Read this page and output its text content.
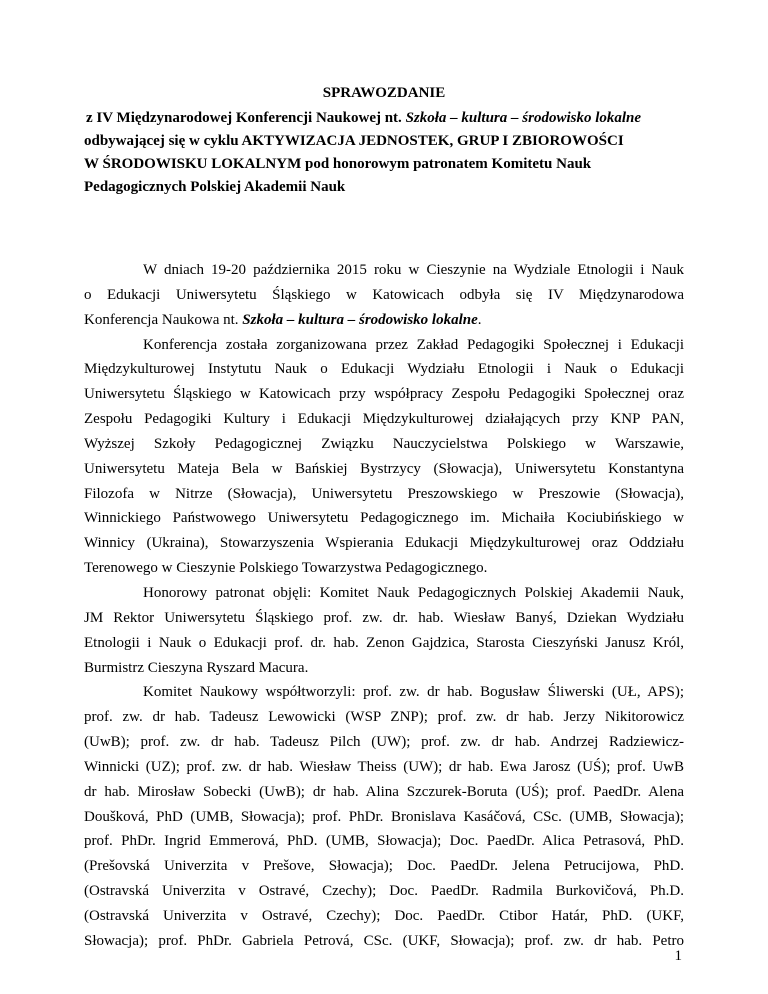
SPRAWOZDANIE
z IV Międzynarodowej Konferencji Naukowej nt. Szkoła – kultura – środowisko lokalne
odbywającej się w cyklu AKTYWIZACJA JEDNOSTEK, GRUP I ZBIOROWOŚCI
W ŚRODOWISKU LOKALNYM pod honorowym patronatem Komitetu Nauk
Pedagogicznych Polskiej Akademii Nauk
W dniach 19-20 października 2015 roku w Cieszynie na Wydziale Etnologii i Nauk
o Edukacji Uniwersytetu Śląskiego w Katowicach odbyła się IV Międzynarodowa
Konferencja Naukowa nt. Szkoła – kultura – środowisko lokalne.
Konferencja została zorganizowana przez Zakład Pedagogiki Społecznej i Edukacji
Międzykulturowej Instytutu Nauk o Edukacji Wydziału Etnologii i Nauk o Edukacji
Uniwersytetu Śląskiego w Katowicach przy współpracy Zespołu Pedagogiki Społecznej oraz
Zespołu Pedagogiki Kultury i Edukacji Międzykulturowej działających przy KNP PAN,
Wyższej Szkoły Pedagogicznej Związku Nauczycielstwa Polskiego w Warszawie,
Uniwersytetu Mateja Bela w Bańskiej Bystrzycy (Słowacja), Uniwersytetu Konstantyna
Filozofa w Nitrze (Słowacja), Uniwersytetu Preszowskiego w Preszowie (Słowacja),
Winnickiego Państwowego Uniwersytetu Pedagogicznego im. Michaiła Kociubińskiego w
Winnicy (Ukraina), Stowarzyszenia Wspierania Edukacji Międzykulturowej oraz Oddziału
Terenowego w Cieszynie Polskiego Towarzystwa Pedagogicznego.
Honorowy patronat objęli: Komitet Nauk Pedagogicznych Polskiej Akademii Nauk,
JM Rektor Uniwersytetu Śląskiego prof. zw. dr. hab. Wiesław Banyś, Dziekan Wydziału
Etnologii i Nauk o Edukacji prof. dr. hab. Zenon Gajdzica, Starosta Cieszyński Janusz Król,
Burmistrz Cieszyna Ryszard Macura.
Komitet Naukowy współtworzyli: prof. zw. dr hab. Bogusław Śliwerski (UŁ, APS);
prof. zw. dr hab. Tadeusz Lewowicki (WSP ZNP); prof. zw. dr hab. Jerzy Nikitorowicz
(UwB); prof. zw. dr hab. Tadeusz Pilch (UW); prof. zw. dr hab. Andrzej Radziewicz-
Winnicki (UZ); prof. zw. dr hab. Wiesław Theiss (UW); dr hab. Ewa Jarosz (UŚ); prof. UwB
dr hab. Mirosław Sobecki (UwB); dr hab. Alina Szczurek-Boruta (UŚ); prof. PaedDr. Alena
Doušková, PhD (UMB, Słowacja); prof. PhDr. Bronislava Kasáčová, CSc. (UMB, Słowacja);
prof. PhDr. Ingrid Emmerová, PhD. (UMB, Słowacja); Doc. PaedDr. Alica Petrasová, PhD.
(Prešovská Univerzita v Prešove, Słowacja); Doc. PaedDr. Jelena Petrucijowa, PhD.
(Ostravská Univerzita v Ostravé, Czechy); Doc. PaedDr. Radmila Burkovičová, Ph.D.
(Ostravská Univerzita v Ostravé, Czechy); Doc. PaedDr. Ctibor Határ, PhD. (UKF,
Słowacja); prof. PhDr. Gabriela Petrová, CSc. (UKF, Słowacja); prof. zw. dr hab. Petro
1
